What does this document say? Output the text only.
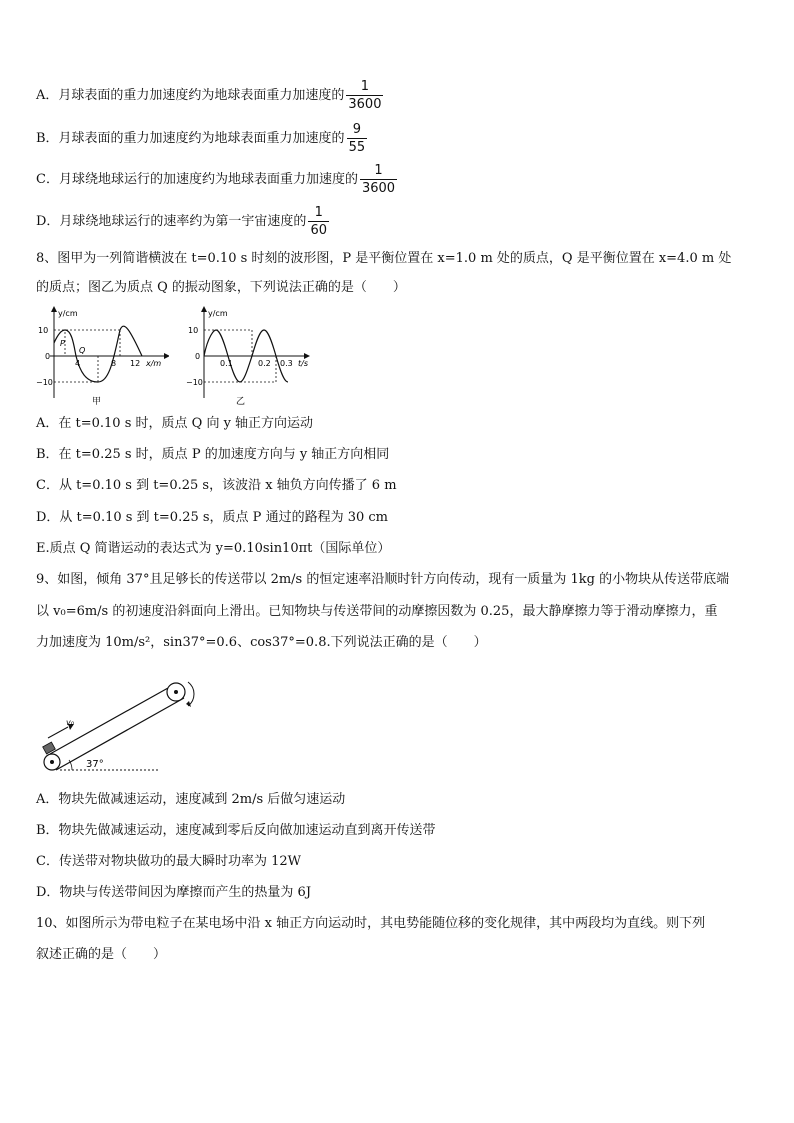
A．月球表面的重力加速度约为地球表面重力加速度的 $\frac{1}{3600}$
B．月球表面的重力加速度约为地球表面重力加速度的 $\frac{9}{55}$
C．月球绕地球运行的加速度约为地球表面重力加速度的 $\frac{1}{3600}$
D．月球绕地球运行的速率约为第一宇宙速度的 $\frac{1}{60}$
8、图甲为一列简谐横波在 t=0.10 s 时刻的波形图，P 是平衡位置在 x=1.0 m 处的质点，Q 是平衡位置在 x=4.0 m 处
的质点；图乙为质点 Q 的振动图象，下列说法正确的是（　　）
y/cm
10
0
−10
P
Q
4	8 12 x/m
甲
y/cm
10
0
−10
0.1	0.2 0.3 t/s
乙
A．在 t=0.10 s 时，质点 Q 向 y 轴正方向运动
B．在 t=0.25 s 时，质点 P 的加速度方向与 y 轴正方向相同
C．从 t=0.10 s 到 t=0.25 s，该波沿 x 轴负方向传播了 6 m
D．从 t=0.10 s 到 t=0.25 s，质点 P 通过的路程为 30 cm
E.质点 Q 简谐运动的表达式为 y=0.10sin10πt（国际单位）
9、如图，倾角 37°且足够长的传送带以 2m/s 的恒定速率沿顺时针方向传动，现有一质量为 1kg 的小物块从传送带底端
以 v₀=6m/s 的初速度沿斜面向上滑出。已知物块与传送带间的动摩擦因数为 0.25，最大静摩擦力等于滑动摩擦力，重
力加速度为 10m/s²，sin37°=0.6、cos37°=0.8.下列说法正确的是（　　）
v₀
37°
A．物块先做减速运动，速度减到 2m/s 后做匀速运动
B．物块先做减速运动，速度减到零后反向做加速运动直到离开传送带
C．传送带对物块做功的最大瞬时功率为 12W
D．物块与传送带间因为摩擦而产生的热量为 6J
10、如图所示为带电粒子在某电场中沿 x 轴正方向运动时，其电势能随位移的变化规律，其中两段均为直线。则下列
叙述正确的是（　　）
